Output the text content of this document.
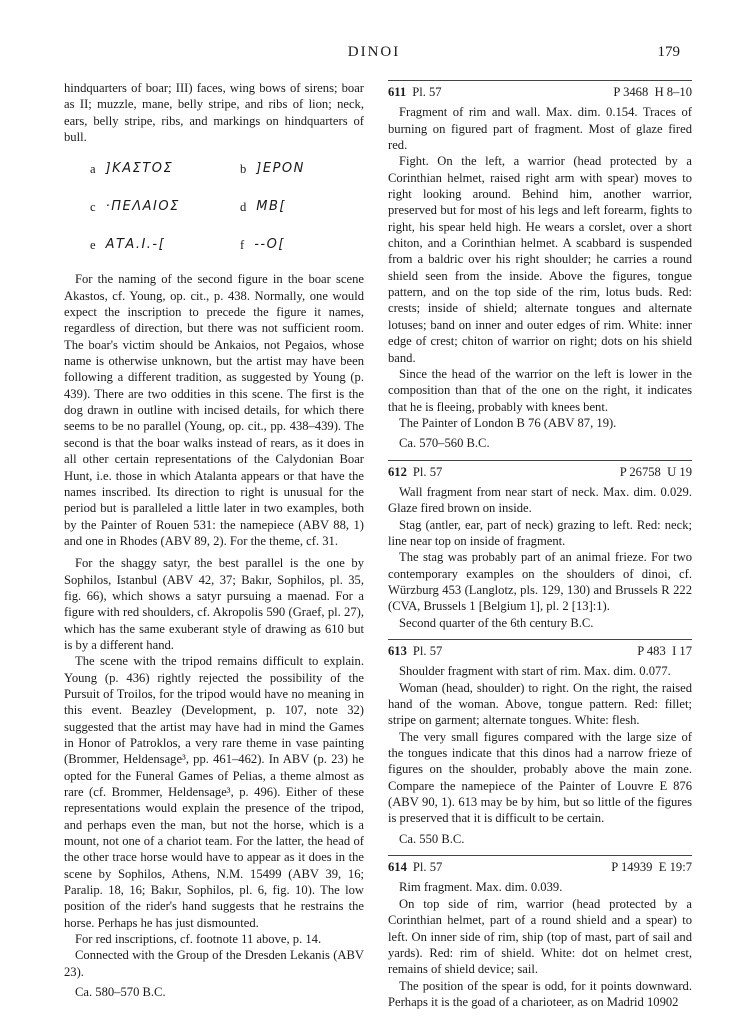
DINOI	179

hindquarters of boar; III) faces, wing bows of sirens; boar as II; muzzle, mane, belly stripe, and ribs of lion; neck, ears, belly stripe, ribs, and markings on hindquarters of bull.

a ]ΚΑΣΤΟΣ	b ]ΕΡΟΝ
c ·ΠΕΛΑΙΟΣ	d ΜΒ[
e ΑΤΑ.Ι.-[	f --Ο[

For the naming of the second figure in the boar scene Akastos, cf. Young, op. cit., p. 438. Normally, one would expect the inscription to precede the figure it names, regardless of direction, but there was not sufficient room. The boar's victim should be Ankaios, not Pegaios, whose name is otherwise unknown, but the artist may have been following a different tradition, as suggested by Young (p. 439). There are two oddities in this scene. The first is the dog drawn in outline with incised details, for which there seems to be no parallel (Young, op. cit., pp. 438–439). The second is that the boar walks instead of rears, as it does in all other certain representations of the Calydonian Boar Hunt, i.e. those in which Atalanta appears or that have the names inscribed. Its direction to right is unusual for the period but is paralleled a little later in two examples, both by the Painter of Rouen 531: the namepiece (ABV 88, 1) and one in Rhodes (ABV 89, 2). For the theme, cf. 31.

For the shaggy satyr, the best parallel is the one by Sophilos, Istanbul (ABV 42, 37; Bakır, Sophilos, pl. 35, fig. 66), which shows a satyr pursuing a maenad. For a figure with red shoulders, cf. Akropolis 590 (Graef, pl. 27), which has the same exuberant style of drawing as 610 but is by a different hand.

The scene with the tripod remains difficult to explain. Young (p. 436) rightly rejected the possibility of the Pursuit of Troilos, for the tripod would have no meaning in this event. Beazley (Development, p. 107, note 32) suggested that the artist may have had in mind the Games in Honor of Patroklos, a very rare theme in vase painting (Brommer, Heldensage³, pp. 461–462). In ABV (p. 23) he opted for the Funeral Games of Pelias, a theme almost as rare (cf. Brommer, Heldensage³, p. 496). Either of these representations would explain the presence of the tripod, and perhaps even the man, but not the horse, which is a mount, not one of a chariot team. For the latter, the head of the other trace horse would have to appear as it does in the scene by Sophilos, Athens, N.M. 15499 (ABV 39, 16; Paralip. 18, 16; Bakır, Sophilos, pl. 6, fig. 10). The low position of the rider's hand suggests that he restrains the horse. Perhaps he has just dismounted.

For red inscriptions, cf. footnote 11 above, p. 14.

Connected with the Group of the Dresden Lekanis (ABV 23).

Ca. 580–570 B.C.

611 Pl. 57	P 3468 H 8–10

Fragment of rim and wall. Max. dim. 0.154. Traces of burning on figured part of fragment. Most of glaze fired red.

Fight. On the left, a warrior (head protected by a Corinthian helmet, raised right arm with spear) moves to right looking around. Behind him, another warrior, preserved but for most of his legs and left forearm, fights to right, his spear held high. He wears a corslet, over a short chiton, and a Corinthian helmet. A scabbard is suspended from a baldric over his right shoulder; he carries a round shield seen from the inside. Above the figures, tongue pattern, and on the top side of the rim, lotus buds. Red: crests; inside of shield; alternate tongues and alternate lotuses; band on inner and outer edges of rim. White: inner edge of crest; chiton of warrior on right; dots on his shield band.

Since the head of the warrior on the left is lower in the composition than that of the one on the right, it indicates that he is fleeing, probably with knees bent.

The Painter of London B 76 (ABV 87, 19).

Ca. 570–560 B.C.

612 Pl. 57	P 26758 U 19

Wall fragment from near start of neck. Max. dim. 0.029. Glaze fired brown on inside.

Stag (antler, ear, part of neck) grazing to left. Red: neck; line near top on inside of fragment.

The stag was probably part of an animal frieze. For two contemporary examples on the shoulders of dinoi, cf. Würzburg 453 (Langlotz, pls. 129, 130) and Brussels R 222 (CVA, Brussels 1 [Belgium 1], pl. 2 [13]:1).

Second quarter of the 6th century B.C.

613 Pl. 57	P 483 I 17

Shoulder fragment with start of rim. Max. dim. 0.077.

Woman (head, shoulder) to right. On the right, the raised hand of the woman. Above, tongue pattern. Red: fillet; stripe on garment; alternate tongues. White: flesh.

The very small figures compared with the large size of the tongues indicate that this dinos had a narrow frieze of figures on the shoulder, probably above the main zone. Compare the namepiece of the Painter of Louvre E 876 (ABV 90, 1). 613 may be by him, but so little of the figures is preserved that it is difficult to be certain.

Ca. 550 B.C.

614 Pl. 57	P 14939 E 19:7

Rim fragment. Max. dim. 0.039.

On top side of rim, warrior (head protected by a Corinthian helmet, part of a round shield and a spear) to left. On inner side of rim, ship (top of mast, part of sail and yards). Red: rim of shield. White: dot on helmet crest, remains of shield device; sail.

The position of the spear is odd, for it points downward. Perhaps it is the goad of a charioteer, as on Madrid 10902
